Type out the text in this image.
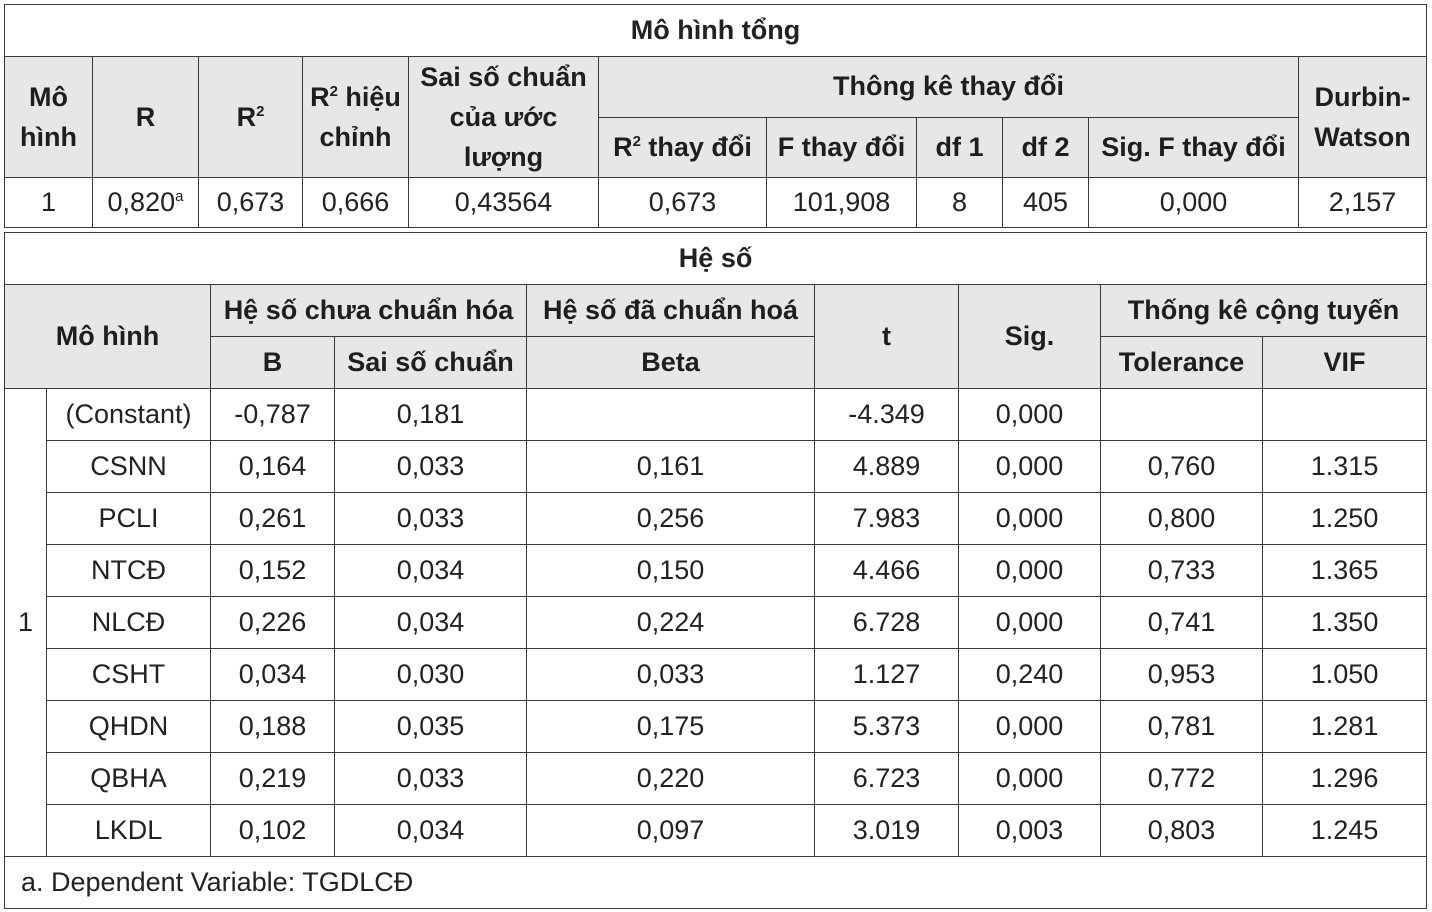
Mô hình tổng										
Mô hình	R	$R^2$	$R^2$ hiệu chỉnh	Sai số chuẩn của ước lượng	Thông kê thay đổi					Durbin-Watson
					$R^2$ thay đổi	F thay đổi	df 1	df 2	Sig. F thay đổi	
1	0,820$^a$	0,673	0,666	0,43564	0,673	101,908	8	405	0,000	2,157
Hệ số								
Mô hình		Hệ số chưa chuẩn hóa		Hệ số đã chuẩn hoá	t	Sig.	Thống kê cộng tuyến	
		B	Sai số chuẩn	Beta			Tolerance	VIF
1	(Constant)	-0,787	0,181		-4.349	0,000		
	CSNN	0,164	0,033	0,161	4.889	0,000	0,760	1.315
	PCLI	0,261	0,033	0,256	7.983	0,000	0,800	1.250
	NTCĐ	0,152	0,034	0,150	4.466	0,000	0,733	1.365
	NLCĐ	0,226	0,034	0,224	6.728	0,000	0,741	1.350
	CSHT	0,034	0,030	0,033	1.127	0,240	0,953	1.050
	QHDN	0,188	0,035	0,175	5.373	0,000	0,781	1.281
	QBHA	0,219	0,033	0,220	6.723	0,000	0,772	1.296
	LKDL	0,102	0,034	0,097	3.019	0,003	0,803	1.245
a. Dependent Variable: TGDLCĐ								
